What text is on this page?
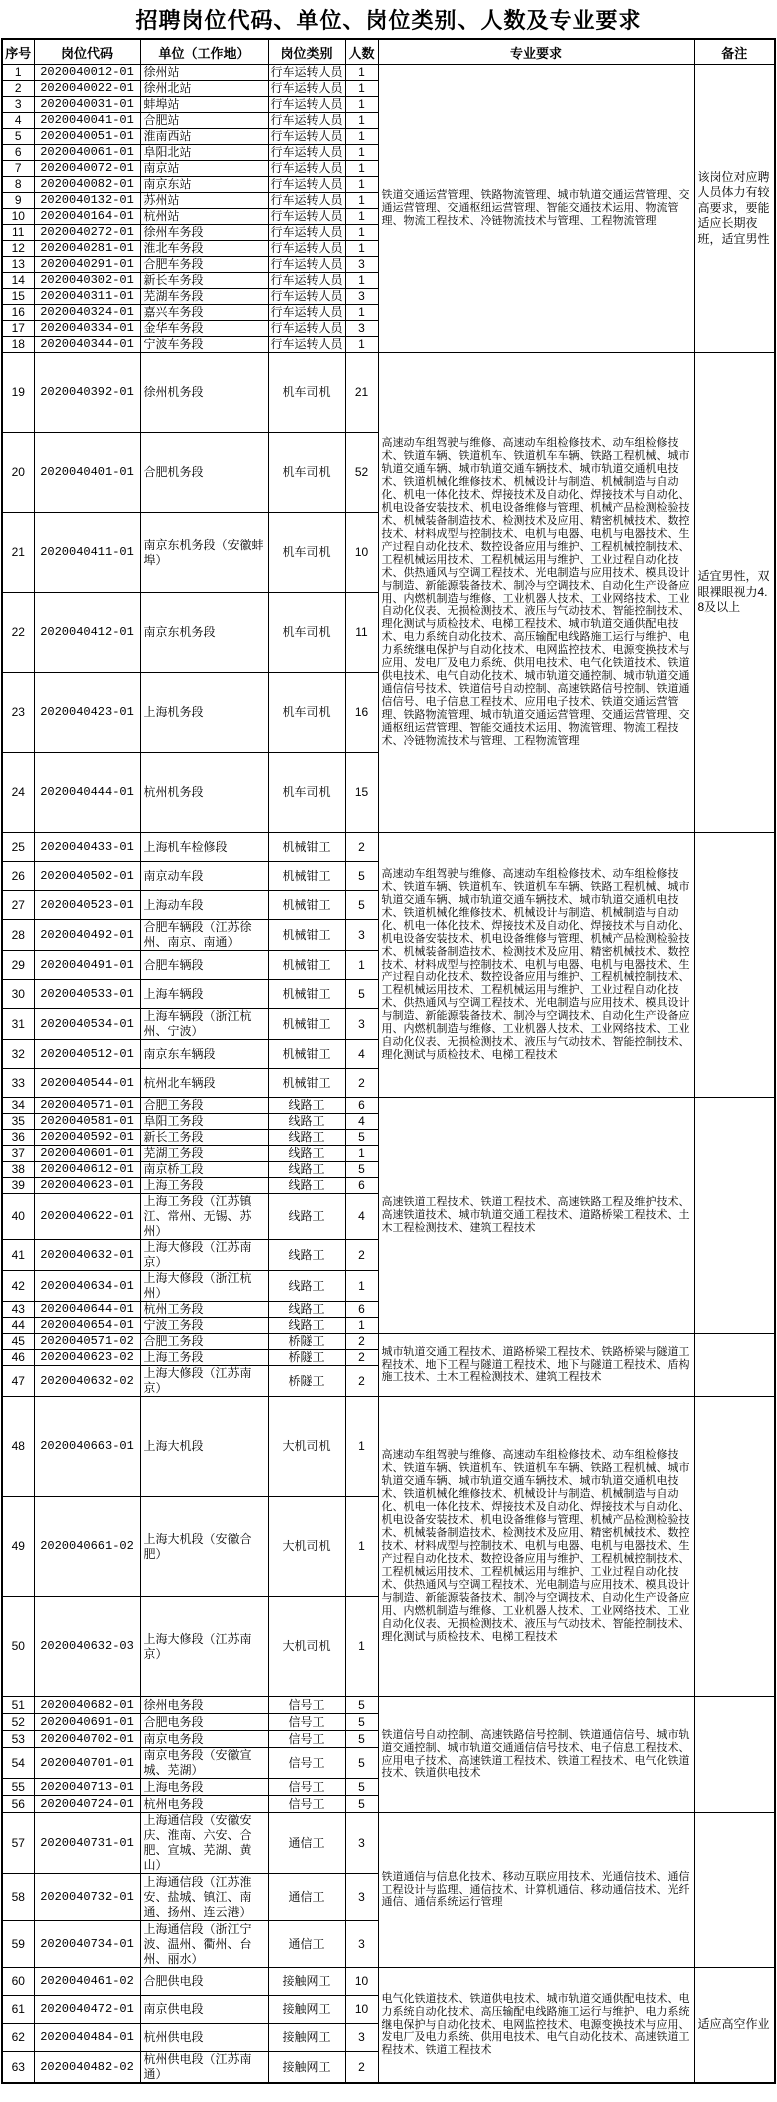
招聘岗位代码、单位、岗位类别、人数及专业要求
序号	岗位代码	单位（工作地）	岗位类别	人数	专业要求	备注
1	2020040012-01	徐州站	行车运转人员	1	铁道交通运营管理、铁路物流管理、城市轨道交通运营管理、交通运营管理、交通枢纽运营管理、智能交通技术运用、物流管理、物流工程技术、冷链物流技术与管理、工程物流管理	该岗位对应聘人员体力有较高要求，要能适应长期夜班，适宜男性
2	2020040022-01	徐州北站	行车运转人员	1		
3	2020040031-01	蚌埠站	行车运转人员	1		
4	2020040041-01	合肥站	行车运转人员	1		
5	2020040051-01	淮南西站	行车运转人员	1		
6	2020040061-01	阜阳北站	行车运转人员	1		
7	2020040072-01	南京站	行车运转人员	1		
8	2020040082-01	南京东站	行车运转人员	1		
9	2020040132-01	苏州站	行车运转人员	1		
10	2020040164-01	杭州站	行车运转人员	1		
11	2020040272-01	徐州车务段	行车运转人员	1		
12	2020040281-01	淮北车务段	行车运转人员	1		
13	2020040291-01	合肥车务段	行车运转人员	3		
14	2020040302-01	新长车务段	行车运转人员	1		
15	2020040311-01	芜湖车务段	行车运转人员	3		
16	2020040324-01	嘉兴车务段	行车运转人员	1		
17	2020040334-01	金华车务段	行车运转人员	3		
18	2020040344-01	宁波车务段	行车运转人员	1		
19	2020040392-01	徐州机务段	机车司机	21	高速动车组驾驶与维修、高速动车组检修技术、动车组检修技术、铁道车辆、铁道机车、铁道机车车辆、铁路工程机械、城市轨道交通车辆、城市轨道交通车辆技术、城市轨道交通机电技术、铁道机械化维修技术、机械设计与制造、机械制造与自动化、机电一体化技术、焊接技术及自动化、焊接技术与自动化、机电设备安装技术、机电设备维修与管理、机械产品检测检验技术、机械装备制造技术、检测技术及应用、精密机械技术、数控技术、材料成型与控制技术、电机与电器、电机与电器技术、生产过程自动化技术、数控设备应用与维护、工程机械控制技术、工程机械运用技术、工程机械运用与维护、工业过程自动化技术、供热通风与空调工程技术、光电制造与应用技术、模具设计与制造、新能源装备技术、制冷与空调技术、自动化生产设备应用、内燃机制造与维修、工业机器人技术、工业网络技术、工业自动化仪表、无损检测技术、液压与气动技术、智能控制技术、理化测试与质检技术、电梯工程技术、城市轨道交通供配电技术、电力系统自动化技术、高压输配电线路施工运行与维护、电力系统继电保护与自动化技术、电网监控技术、电源变换技术与应用、发电厂及电力系统、供用电技术、电气化铁道技术、铁道供电技术、电气自动化技术、城市轨道交通控制、城市轨道交通通信信号技术、铁道信号自动控制、高速铁路信号控制、铁道通信信号、电子信息工程技术、应用电子技术、铁道交通运营管理、铁路物流管理、城市轨道交通运营管理、交通运营管理、交通枢纽运营管理、智能交通技术运用、物流管理、物流工程技术、冷链物流技术与管理、工程物流管理	适宜男性，双眼裸眼视力4.8及以上
20	2020040401-01	合肥机务段	机车司机	52		
21	2020040411-01	南京东机务段（安徽蚌埠）	机车司机	10		
22	2020040412-01	南京东机务段	机车司机	11		
23	2020040423-01	上海机务段	机车司机	16		
24	2020040444-01	杭州机务段	机车司机	15		
25	2020040433-01	上海机车检修段	机械钳工	2	高速动车组驾驶与维修、高速动车组检修技术、动车组检修技术、铁道车辆、铁道机车、铁道机车车辆、铁路工程机械、城市轨道交通车辆、城市轨道交通车辆技术、城市轨道交通机电技术、铁道机械化维修技术、机械设计与制造、机械制造与自动化、机电一体化技术、焊接技术及自动化、焊接技术与自动化、机电设备安装技术、机电设备维修与管理、机械产品检测检验技术、机械装备制造技术、检测技术及应用、精密机械技术、数控技术、材料成型与控制技术、电机与电器、电机与电器技术、生产过程自动化技术、数控设备应用与维护、工程机械控制技术、工程机械运用技术、工程机械运用与维护、工业过程自动化技术、供热通风与空调工程技术、光电制造与应用技术、模具设计与制造、新能源装备技术、制冷与空调技术、自动化生产设备应用、内燃机制造与维修、工业机器人技术、工业网络技术、工业自动化仪表、无损检测技术、液压与气动技术、智能控制技术、理化测试与质检技术、电梯工程技术	
26	2020040502-01	南京动车段	机械钳工	5		
27	2020040523-01	上海动车段	机械钳工	5		
28	2020040492-01	合肥车辆段（江苏徐州、南京、南通）	机械钳工	3		
29	2020040491-01	合肥车辆段	机械钳工	1		
30	2020040533-01	上海车辆段	机械钳工	5		
31	2020040534-01	上海车辆段（浙江杭州、宁波）	机械钳工	3		
32	2020040512-01	南京东车辆段	机械钳工	4		
33	2020040544-01	杭州北车辆段	机械钳工	2		
34	2020040571-01	合肥工务段	线路工	6	高速铁道工程技术、铁道工程技术、高速铁路工程及维护技术、高速铁道技术、城市轨道交通工程技术、道路桥梁工程技术、土木工程检测技术、建筑工程技术	
35	2020040581-01	阜阳工务段	线路工	4		
36	2020040592-01	新长工务段	线路工	5		
37	2020040601-01	芜湖工务段	线路工	1		
38	2020040612-01	南京桥工段	线路工	5		
39	2020040623-01	上海工务段	线路工	6		
40	2020040622-01	上海工务段（江苏镇江、常州、无锡、苏州）	线路工	4		
41	2020040632-01	上海大修段（江苏南京）	线路工	2		
42	2020040634-01	上海大修段（浙江杭州）	线路工	1		
43	2020040644-01	杭州工务段	线路工	6		
44	2020040654-01	宁波工务段	线路工	1		
45	2020040571-02	合肥工务段	桥隧工	2	城市轨道交通工程技术、道路桥梁工程技术、铁路桥梁与隧道工程技术、地下工程与隧道工程技术、地下与隧道工程技术、盾构施工技术、土木工程检测技术、建筑工程技术	
46	2020040623-02	上海工务段	桥隧工	2		
47	2020040632-02	上海大修段（江苏南京）	桥隧工	2		
48	2020040663-01	上海大机段	大机司机	1	高速动车组驾驶与维修、高速动车组检修技术、动车组检修技术、铁道车辆、铁道机车、铁道机车车辆、铁路工程机械、城市轨道交通车辆、城市轨道交通车辆技术、城市轨道交通机电技术、铁道机械化维修技术、机械设计与制造、机械制造与自动化、机电一体化技术、焊接技术及自动化、焊接技术与自动化、机电设备安装技术、机电设备维修与管理、机械产品检测检验技术、机械装备制造技术、检测技术及应用、精密机械技术、数控技术、材料成型与控制技术、电机与电器、电机与电器技术、生产过程自动化技术、数控设备应用与维护、工程机械控制技术、工程机械运用技术、工程机械运用与维护、工业过程自动化技术、供热通风与空调工程技术、光电制造与应用技术、模具设计与制造、新能源装备技术、制冷与空调技术、自动化生产设备应用、内燃机制造与维修、工业机器人技术、工业网络技术、工业自动化仪表、无损检测技术、液压与气动技术、智能控制技术、理化测试与质检技术、电梯工程技术	
49	2020040661-02	上海大机段（安徽合肥）	大机司机	1		
50	2020040632-03	上海大修段（江苏南京）	大机司机	1		
51	2020040682-01	徐州电务段	信号工	5	铁道信号自动控制、高速铁路信号控制、铁道通信信号、城市轨道交通控制、城市轨道交通通信信号技术、电子信息工程技术、应用电子技术、高速铁道工程技术、铁道工程技术、电气化铁道技术、铁道供电技术	
52	2020040691-01	合肥电务段	信号工	5		
53	2020040702-01	南京电务段	信号工	5		
54	2020040701-01	南京电务段（安徽宣城、芜湖）	信号工	5		
55	2020040713-01	上海电务段	信号工	5		
56	2020040724-01	杭州电务段	信号工	5		
57	2020040731-01	上海通信段（安徽安庆、淮南、六安、合肥、宣城、芜湖、黄山）	通信工	3	铁道通信与信息化技术、移动互联应用技术、光通信技术、通信工程设计与监理、通信技术、计算机通信、移动通信技术、光纤通信、通信系统运行管理	
58	2020040732-01	上海通信段（江苏淮安、盐城、镇江、南通、扬州、连云港）	通信工	3		
59	2020040734-01	上海通信段（浙江宁波、温州、衢州、台州、丽水）	通信工	3		
60	2020040461-02	合肥供电段	接触网工	10	电气化铁道技术、铁道供电技术、城市轨道交通供配电技术、电力系统自动化技术、高压输配电线路施工运行与维护、电力系统继电保护与自动化技术、电网监控技术、电源变换技术与应用、发电厂及电力系统、供用电技术、电气自动化技术、高速铁道工程技术、铁道工程技术	适应高空作业
61	2020040472-01	南京供电段	接触网工	10		
62	2020040484-01	杭州供电段	接触网工	3		
63	2020040482-02	杭州供电段（江苏南通）	接触网工	2		
